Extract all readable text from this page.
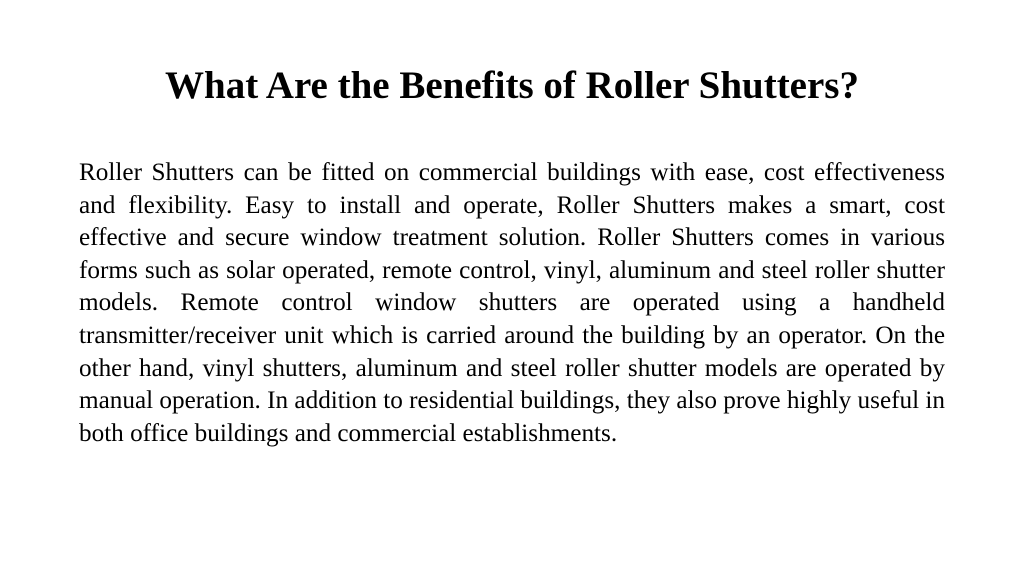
What Are the Benefits of Roller Shutters?

Roller Shutters can be fitted on commercial buildings with ease, cost effectiveness and flexibility. Easy to install and operate, Roller Shutters makes a smart, cost effective and secure window treatment solution. Roller Shutters comes in various forms such as solar operated, remote control, vinyl, aluminum and steel roller shutter models. Remote control window shutters are operated using a handheld transmitter/receiver unit which is carried around the building by an operator. On the other hand, vinyl shutters, aluminum and steel roller shutter models are operated by manual operation. In addition to residential buildings, they also prove highly useful in both office buildings and commercial establishments.
